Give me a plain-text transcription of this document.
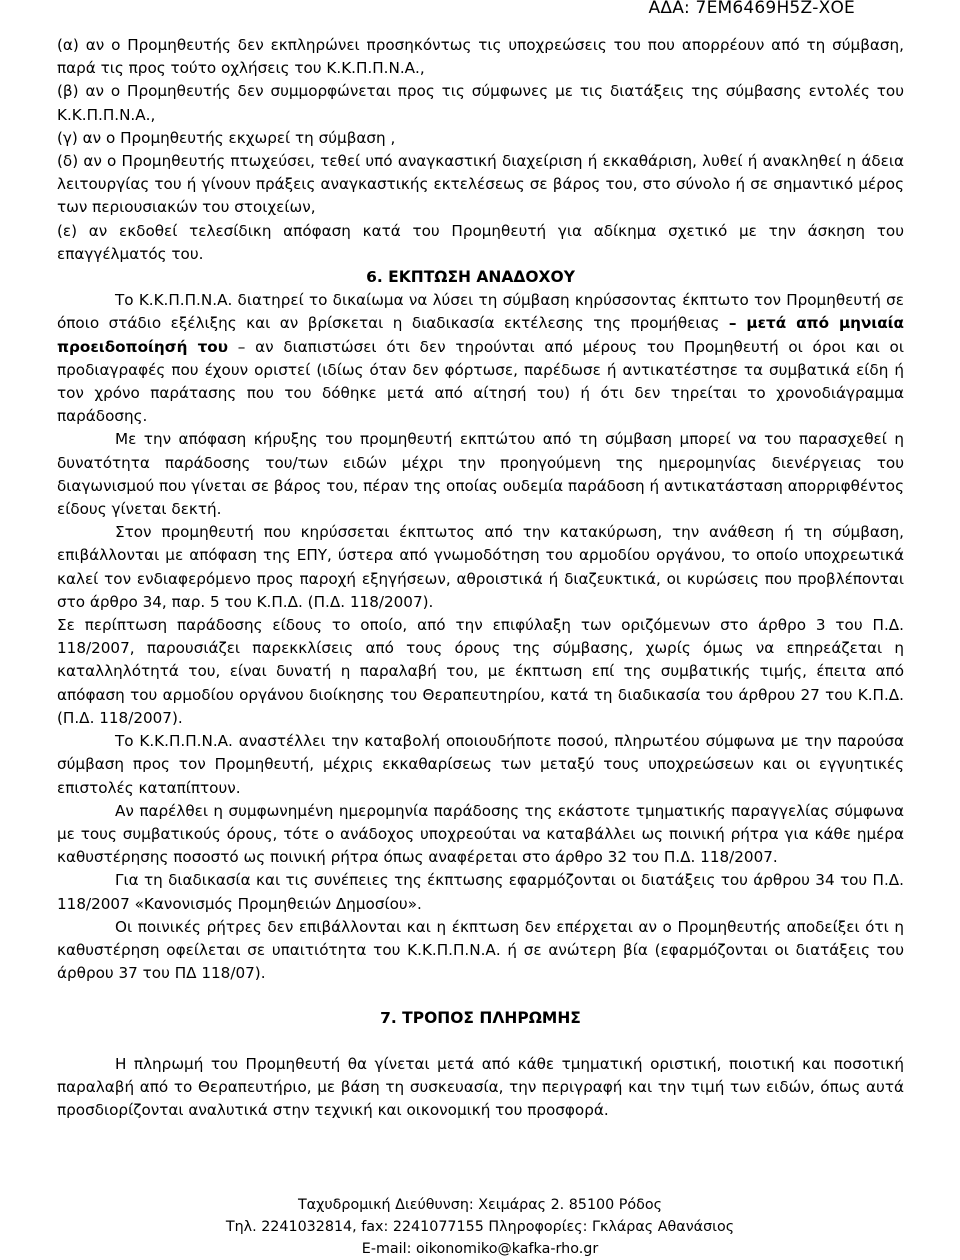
ΑΔΑ: 7ΕΜ6469Η5Ζ-ΧΟΕ

(α) αν ο Προμηθευτής δεν εκπληρώνει προσηκόντως τις υποχρεώσεις του που απορρέουν από τη σύμβαση, παρά τις προς τούτο οχλήσεις του Κ.Κ.Π.Π.Ν.Α.,

(β) αν ο Προμηθευτής δεν συμμορφώνεται προς τις σύμφωνες με τις διατάξεις της σύμβασης εντολές του Κ.Κ.Π.Π.Ν.Α.,

(γ) αν ο Προμηθευτής εκχωρεί τη σύμβαση ,

(δ) αν ο Προμηθευτής πτωχεύσει, τεθεί υπό αναγκαστική διαχείριση ή εκκαθάριση, λυθεί ή ανακληθεί η άδεια λειτουργίας του ή γίνουν πράξεις αναγκαστικής εκτελέσεως σε βάρος του, στο σύνολο ή σε σημαντικό μέρος των περιουσιακών του στοιχείων,

(ε) αν εκδοθεί τελεσίδικη απόφαση κατά του Προμηθευτή για αδίκημα σχετικό με την άσκηση του επαγγέλματός του.

6. ΕΚΠΤΩΣΗ ΑΝΑΔΟΧΟΥ

Το Κ.Κ.Π.Π.Ν.Α. διατηρεί το δικαίωμα να λύσει τη σύμβαση κηρύσσοντας έκπτωτο τον Προμηθευτή σε όποιο στάδιο εξέλιξης και αν βρίσκεται η διαδικασία εκτέλεσης της προμήθειας – μετά από μηνιαία προειδοποίησή του – αν διαπιστώσει ότι δεν τηρούνται από μέρους του Προμηθευτή οι όροι και οι προδιαγραφές που έχουν οριστεί (ιδίως όταν δεν φόρτωσε, παρέδωσε ή αντικατέστησε τα συμβατικά είδη ή τον χρόνο παράτασης που του δόθηκε μετά από αίτησή του) ή ότι δεν τηρείται το χρονοδιάγραμμα παράδοσης.

Με την απόφαση κήρυξης του προμηθευτή εκπτώτου από τη σύμβαση μπορεί να του παρασχεθεί η δυνατότητα παράδοσης του/των ειδών μέχρι την προηγούμενη της ημερομηνίας διενέργειας του διαγωνισμού που γίνεται σε βάρος του, πέραν της οποίας ουδεμία παράδοση ή αντικατάσταση απορριφθέντος είδους γίνεται δεκτή.

Στον προμηθευτή που κηρύσσεται έκπτωτος από την κατακύρωση, την ανάθεση ή τη σύμβαση, επιβάλλονται με απόφαση της ΕΠΥ, ύστερα από γνωμοδότηση του αρμοδίου οργάνου, το οποίο υποχρεωτικά καλεί τον ενδιαφερόμενο προς παροχή εξηγήσεων, αθροιστικά ή διαζευκτικά, οι κυρώσεις που προβλέπονται στο άρθρο 34, παρ. 5 του Κ.Π.Δ. (Π.Δ. 118/2007).

Σε περίπτωση παράδοσης είδους το οποίο, από την επιφύλαξη των οριζόμενων στο άρθρο 3 του Π.Δ. 118/2007, παρουσιάζει παρεκκλίσεις από τους όρους της σύμβασης, χωρίς όμως να επηρεάζεται η καταλληλότητά του, είναι δυνατή η παραλαβή του, με έκπτωση επί της συμβατικής τιμής, έπειτα από απόφαση του αρμοδίου οργάνου διοίκησης του Θεραπευτηρίου, κατά τη διαδικασία του άρθρου 27 του Κ.Π.Δ. (Π.Δ. 118/2007).

Το Κ.Κ.Π.Π.Ν.Α. αναστέλλει την καταβολή οποιουδήποτε ποσού, πληρωτέου σύμφωνα με την παρούσα σύμβαση προς τον Προμηθευτή, μέχρις εκκαθαρίσεως των μεταξύ τους υποχρεώσεων και οι εγγυητικές επιστολές καταπίπτουν.

Αν παρέλθει η συμφωνημένη ημερομηνία παράδοσης της εκάστοτε τμηματικής παραγγελίας σύμφωνα με τους συμβατικούς όρους, τότε ο ανάδοχος υποχρεούται να καταβάλλει ως ποινική ρήτρα για κάθε ημέρα καθυστέρησης ποσοστό ως ποινική ρήτρα όπως αναφέρεται στο άρθρο 32 του Π.Δ. 118/2007.

Για τη διαδικασία και τις συνέπειες της έκπτωσης εφαρμόζονται οι διατάξεις του άρθρου 34 του Π.Δ. 118/2007 «Κανονισμός Προμηθειών Δημοσίου».

Οι ποινικές ρήτρες δεν επιβάλλονται και η έκπτωση δεν επέρχεται αν ο Προμηθευτής αποδείξει ότι η καθυστέρηση οφείλεται σε υπαιτιότητα του Κ.Κ.Π.Π.Ν.Α. ή σε ανώτερη βία (εφαρμόζονται οι διατάξεις του άρθρου 37 του ΠΔ 118/07).

7. ΤΡΟΠΟΣ ΠΛΗΡΩΜΗΣ

Η πληρωμή του Προμηθευτή θα γίνεται μετά από κάθε τμηματική οριστική, ποιοτική και ποσοτική παραλαβή από το Θεραπευτήριο, με βάση τη συσκευασία, την περιγραφή και την τιμή των ειδών, όπως αυτά προσδιορίζονται αναλυτικά στην τεχνική και οικονομική του προσφορά.

Ταχυδρομική Διεύθυνση: Χειμάρας 2. 85100 Ρόδος
Τηλ. 2241032814, fax: 2241077155 Πληροφορίες: Γκλάρας Αθανάσιος
E-mail: oikonomiko@kafka-rho.gr
